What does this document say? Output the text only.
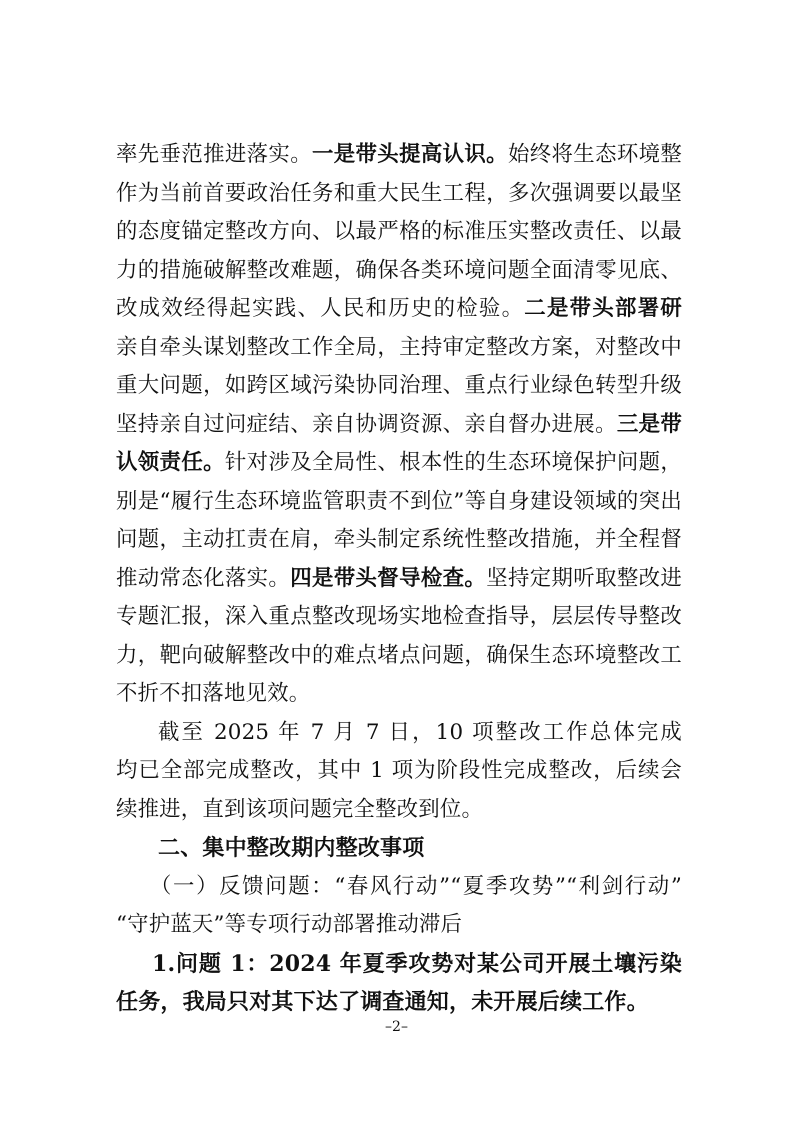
率先垂范推进落实。一是带头提高认识。始终将生态环境整
作为当前首要政治任务和重大民生工程，多次强调要以最坚
的态度锚定整改方向、以最严格的标准压实整改责任、以最
力的措施破解整改难题，确保各类环境问题全面清零见底、
改成效经得起实践、人民和历史的检验。二是带头部署研
亲自牵头谋划整改工作全局，主持审定整改方案，对整改中
重大问题，如跨区域污染协同治理、重点行业绿色转型升级
坚持亲自过问症结、亲自协调资源、亲自督办进展。三是带
认领责任。针对涉及全局性、根本性的生态环境保护问题，
别是“履行生态环境监管职责不到位”等自身建设领域的突出
问题，主动扛责在肩，牵头制定系统性整改措施，并全程督
推动常态化落实。四是带头督导检查。坚持定期听取整改进
专题汇报，深入重点整改现场实地检查指导，层层传导整改
力，靶向破解整改中的难点堵点问题，确保生态环境整改工
不折不扣落地见效。
截至 2025 年 7 月 7 日，10 项整改工作总体完成
均已全部完成整改，其中 1 项为阶段性完成整改，后续会
续推进，直到该项问题完全整改到位。
二、集中整改期内整改事项
（一）反馈问题：“春风行动”“夏季攻势”“利剑行动”
“守护蓝天”等专项行动部署推动滞后
1.问题 1：2024 年夏季攻势对某公司开展土壤污染
任务，我局只对其下达了调查通知，未开展后续工作。
–2–
